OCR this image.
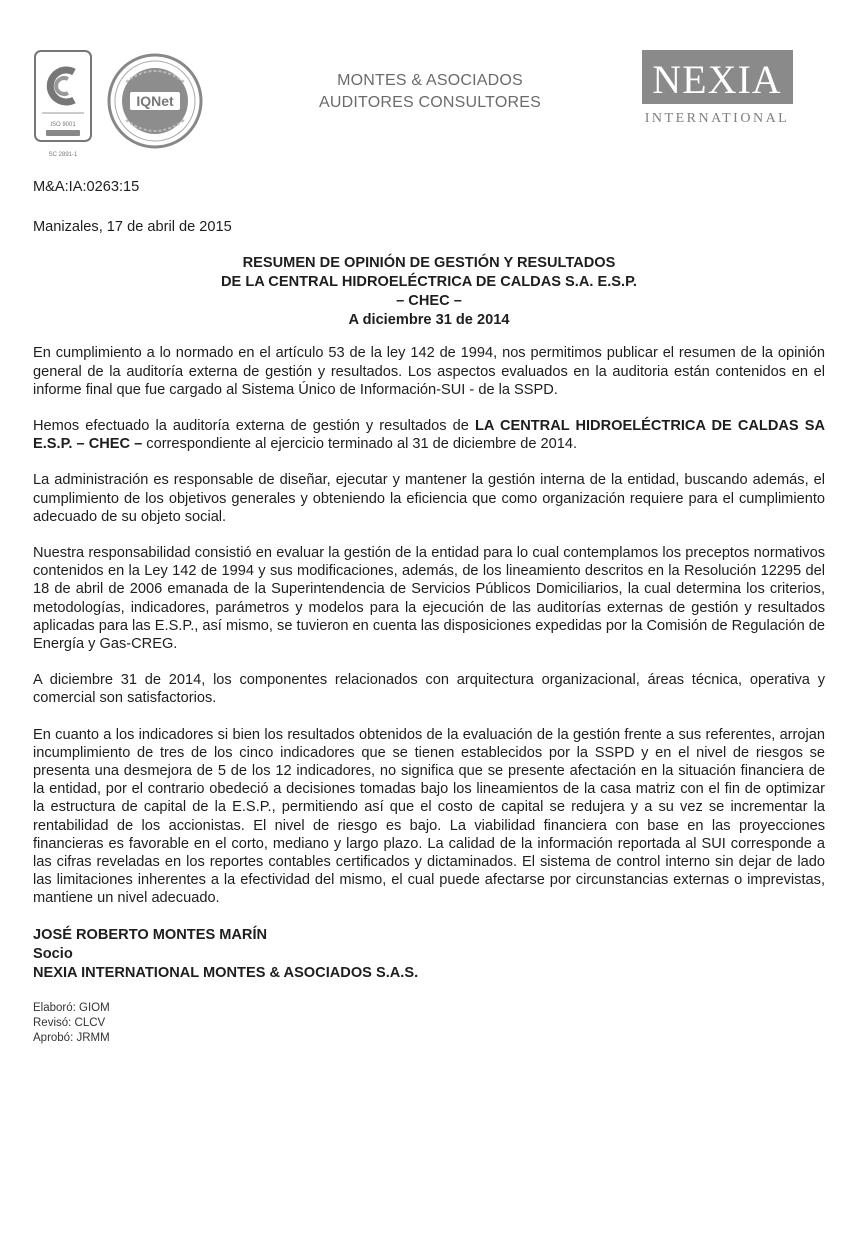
ISO 9001
SC 2891-1
IQNet
MONTES & ASOCIADOS
AUDITORES CONSULTORES
NEXIA
INTERNATIONAL
M&A:IA:0263:15
Manizales, 17 de abril de 2015
RESUMEN DE OPINIÓN DE GESTIÓN Y RESULTADOS
DE LA CENTRAL HIDROELÉCTRICA DE CALDAS S.A. E.S.P.
– CHEC –
A diciembre 31 de 2014

En cumplimiento a lo normado en el artículo 53 de la ley 142 de 1994, nos permitimos publicar el resumen de la opinión general de la auditoría externa de gestión y resultados. Los aspectos evaluados en la auditoria están contenidos en el informe final que fue cargado al Sistema Único de Información-SUI - de la SSPD.

Hemos efectuado la auditoría externa de gestión y resultados de LA CENTRAL HIDROELÉCTRICA DE CALDAS SA E.S.P. – CHEC – correspondiente al ejercicio terminado al 31 de diciembre de 2014.

La administración es responsable de diseñar, ejecutar y mantener la gestión interna de la entidad, buscando además, el cumplimiento de los objetivos generales y obteniendo la eficiencia que como organización requiere para el cumplimiento adecuado de su objeto social.

Nuestra responsabilidad consistió en evaluar la gestión de la entidad para lo cual contemplamos los preceptos normativos contenidos en la Ley 142 de 1994 y sus modificaciones, además, de los lineamiento descritos en la Resolución 12295 del 18 de abril de 2006 emanada de la Superintendencia de Servicios Públicos Domiciliarios, la cual determina los criterios, metodologías, indicadores, parámetros y modelos para la ejecución de las auditorías externas de gestión y resultados aplicadas para las E.S.P., así mismo, se tuvieron en cuenta las disposiciones expedidas por la Comisión de Regulación de Energía y Gas-CREG.

A diciembre 31 de 2014, los componentes relacionados con arquitectura organizacional, áreas técnica, operativa y comercial son satisfactorios.

En cuanto a los indicadores si bien los resultados obtenidos de la evaluación de la gestión frente a sus referentes, arrojan incumplimiento de tres de los cinco indicadores que se tienen establecidos por la SSPD y en el nivel de riesgos se presenta una desmejora de 5 de los 12 indicadores, no significa que se presente afectación en la situación financiera de la entidad, por el contrario obedeció a decisiones tomadas bajo los lineamientos de la casa matriz con el fin de optimizar la estructura de capital de la E.S.P., permitiendo así que el costo de capital se redujera y a su vez se incrementar la rentabilidad de los accionistas. El nivel de riesgo es bajo. La viabilidad financiera con base en las proyecciones financieras es favorable en el corto, mediano y largo plazo. La calidad de la información reportada al SUI corresponde a las cifras reveladas en los reportes contables certificados y dictaminados. El sistema de control interno sin dejar de lado las limitaciones inherentes a la efectividad del mismo, el cual puede afectarse por circunstancias externas o imprevistas, mantiene un nivel adecuado.

JOSÉ ROBERTO MONTES MARÍN
Socio
NEXIA INTERNATIONAL MONTES & ASOCIADOS S.A.S.
Elaboró: GIOM
Revisó: CLCV
Aprobó: JRMM
